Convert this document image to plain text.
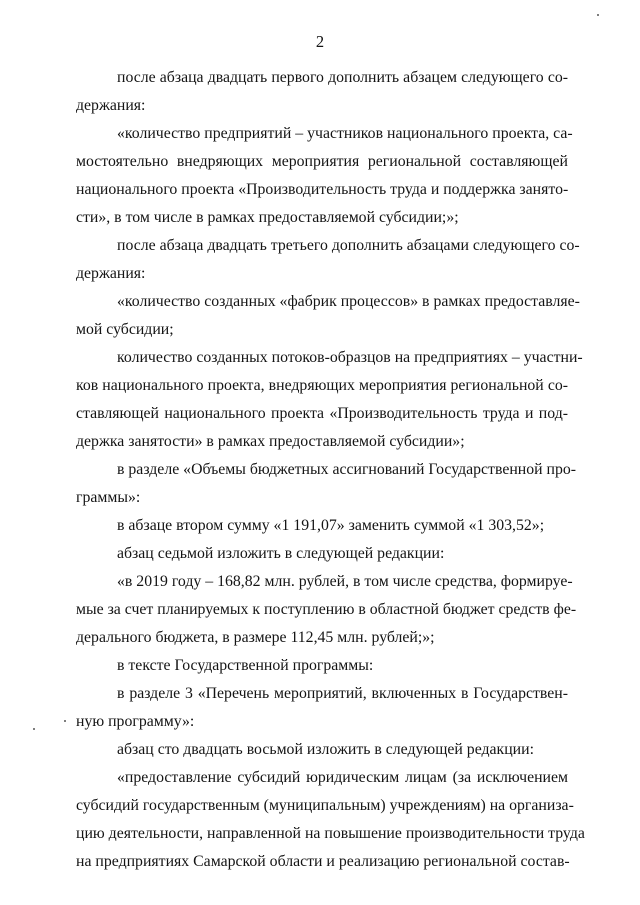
2
после абзаца двадцать первого дополнить абзацем следующего со-
держания:
«количество предприятий – участников национального проекта, са-
мостоятельно внедряющих мероприятия региональной составляющей
национального проекта «Производительность труда и поддержка занято-
сти», в том числе в рамках предоставляемой субсидии;»;
после абзаца двадцать третьего дополнить абзацами следующего со-
держания:
«количество созданных «фабрик процессов» в рамках предоставляе-
мой субсидии;
количество созданных потоков-образцов на предприятиях – участни-
ков национального проекта, внедряющих мероприятия региональной со-
ставляющей национального проекта «Производительность труда и под-
держка занятости» в рамках предоставляемой субсидии»;
в разделе «Объемы бюджетных ассигнований Государственной про-
граммы»:
в абзаце втором сумму «1 191,07» заменить суммой «1 303,52»;
абзац седьмой изложить в следующей редакции:
«в 2019 году – 168,82 млн. рублей, в том числе средства, формируе-
мые за счет планируемых к поступлению в областной бюджет средств фе-
дерального бюджета, в размере 112,45 млн. рублей;»;
в тексте Государственной программы:
в разделе 3 «Перечень мероприятий, включенных в Государствен-
ную программу»:
абзац сто двадцать восьмой изложить в следующей редакции:
«предоставление субсидий юридическим лицам (за исключением
субсидий государственным (муниципальным) учреждениям) на организа-
цию деятельности, направленной на повышение производительности труда
на предприятиях Самарской области и реализацию региональной состав-
